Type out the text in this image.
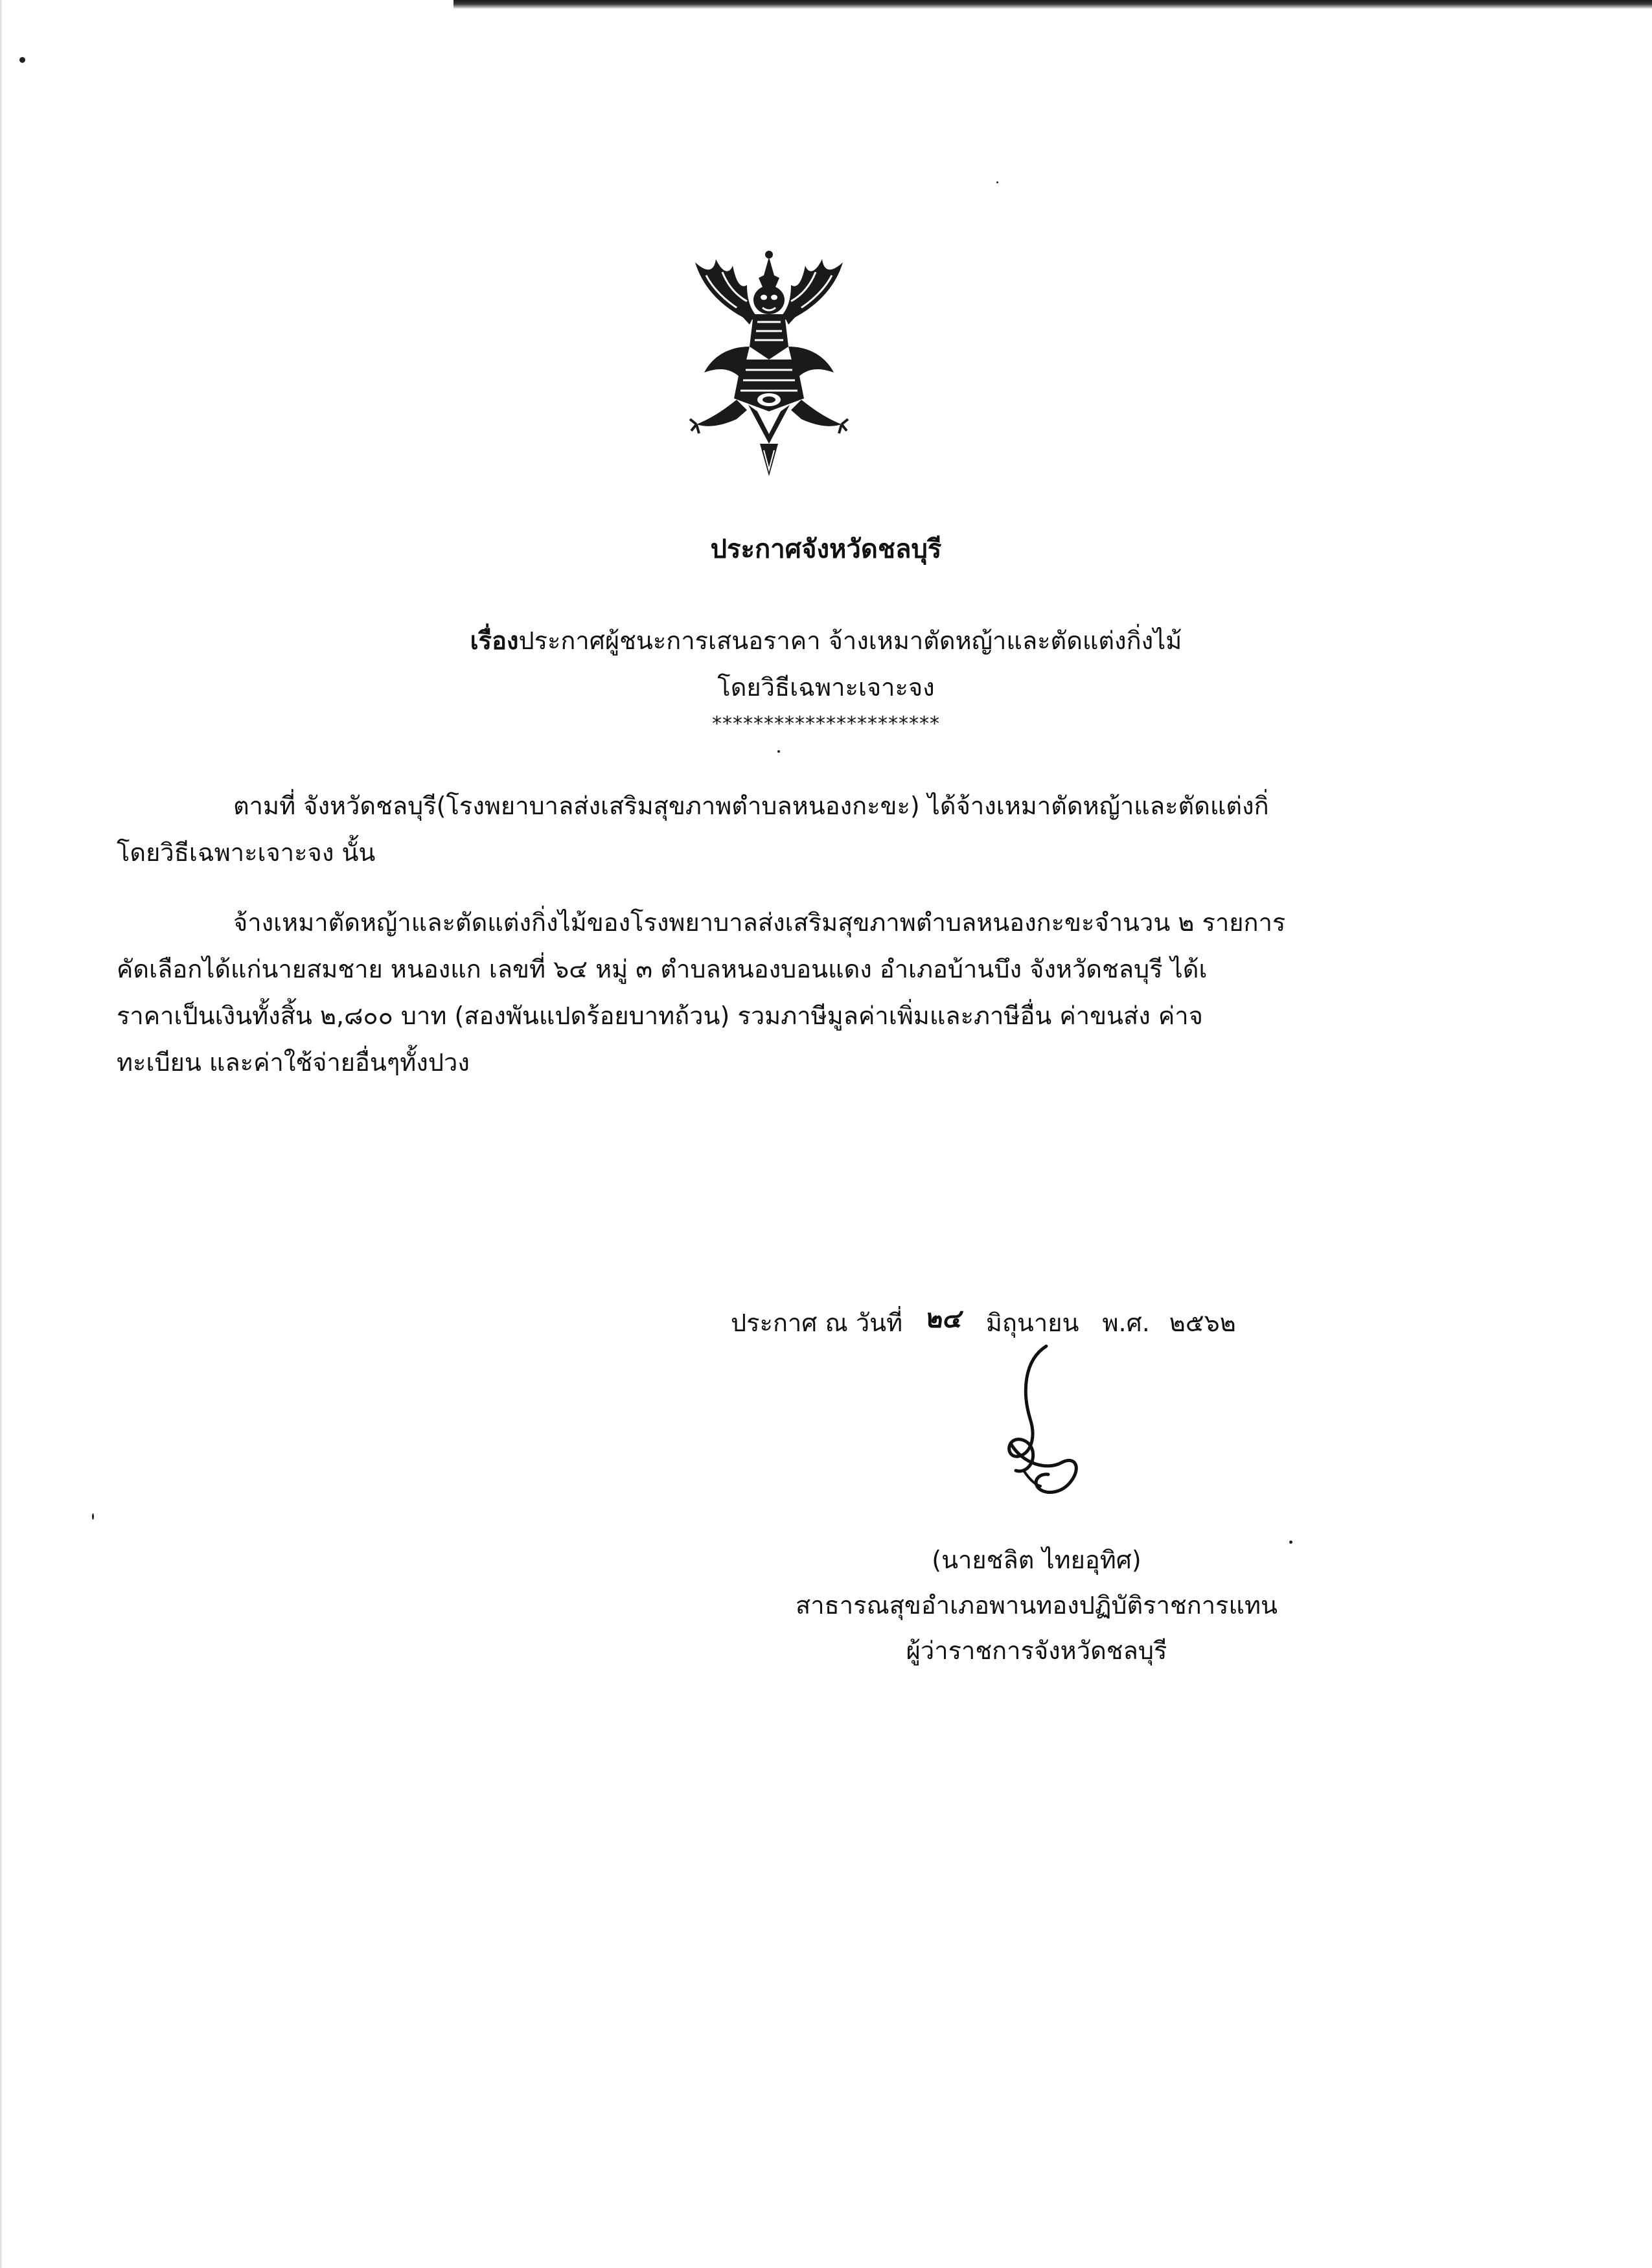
ประกาศจังหวัดชลบุรี
เรื่องประกาศผู้ชนะการเสนอราคา จ้างเหมาตัดหญ้าและตัดแต่งกิ่งไม้
โดยวิธีเฉพาะเจาะจง
**********************
ตามที่ จังหวัดชลบุรี(โรงพยาบาลส่งเสริมสุขภาพตำบลหนองกะขะ) ได้จ้างเหมาตัดหญ้าและตัดแต่งกิ่
โดยวิธีเฉพาะเจาะจง นั้น
จ้างเหมาตัดหญ้าและตัดแต่งกิ่งไม้ของโรงพยาบาลส่งเสริมสุขภาพตำบลหนองกะขะจำนวน ๒ รายการ
คัดเลือกได้แก่นายสมชาย หนองแก เลขที่ ๖๔ หมู่ ๓ ตำบลหนองบอนแดง อำเภอบ้านบึง จังหวัดชลบุรี ได้เ
ราคาเป็นเงินทั้งสิ้น ๒,๘๐๐ บาท (สองพันแปดร้อยบาทถ้วน) รวมภาษีมูลค่าเพิ่มและภาษีอื่น ค่าขนส่ง ค่าจ
ทะเบียน และค่าใช้จ่ายอื่นๆทั้งปวง
ประกาศ ณ วันที่ ๒๔ มิถุนายน พ.ศ. ๒๕๖๒
(นายชลิต ไทยอุทิศ)
สาธารณสุขอำเภอพานทองปฏิบัติราชการแทน
ผู้ว่าราชการจังหวัดชลบุรี
